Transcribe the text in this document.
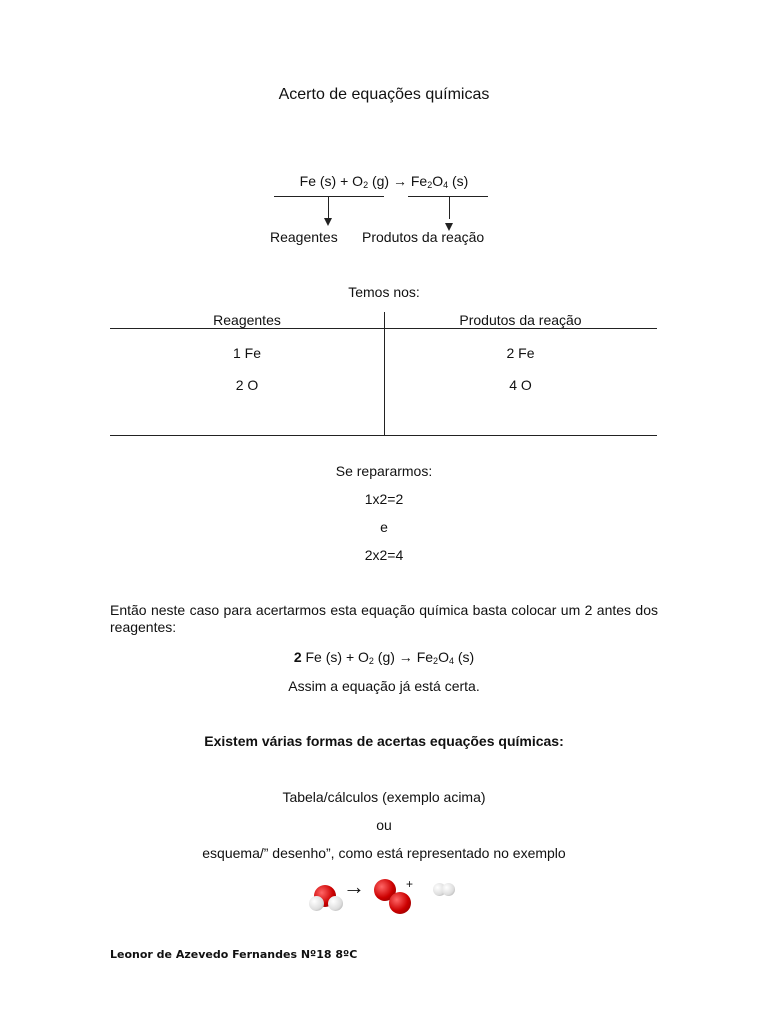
Acerto de equações químicas
Fe $(s) + O_2$ $(g) \to Fe_2O_4$ (s)
Reagentes Produtos da reação
Temos nos:
Reagentes	Produtos da reação
1 Fe	2 Fe
2 O	4 O
Se repararmos:
1x2=2
e
2x2=4
Então neste caso para acertarmos esta equação química basta colocar um 2 antes dos reagentes:
2 Fe $(s) + O_2$ $(g) \to Fe_2O_4$ (s)
Assim a equação já está certa.
Existem várias formas de acertas equações químicas:
Tabela/cálculos (exemplo acima)
ou
esquema/” desenho”, como está representado no exemplo
→	+
Leonor de Azevedo Fernandes Nº18 8ºC
